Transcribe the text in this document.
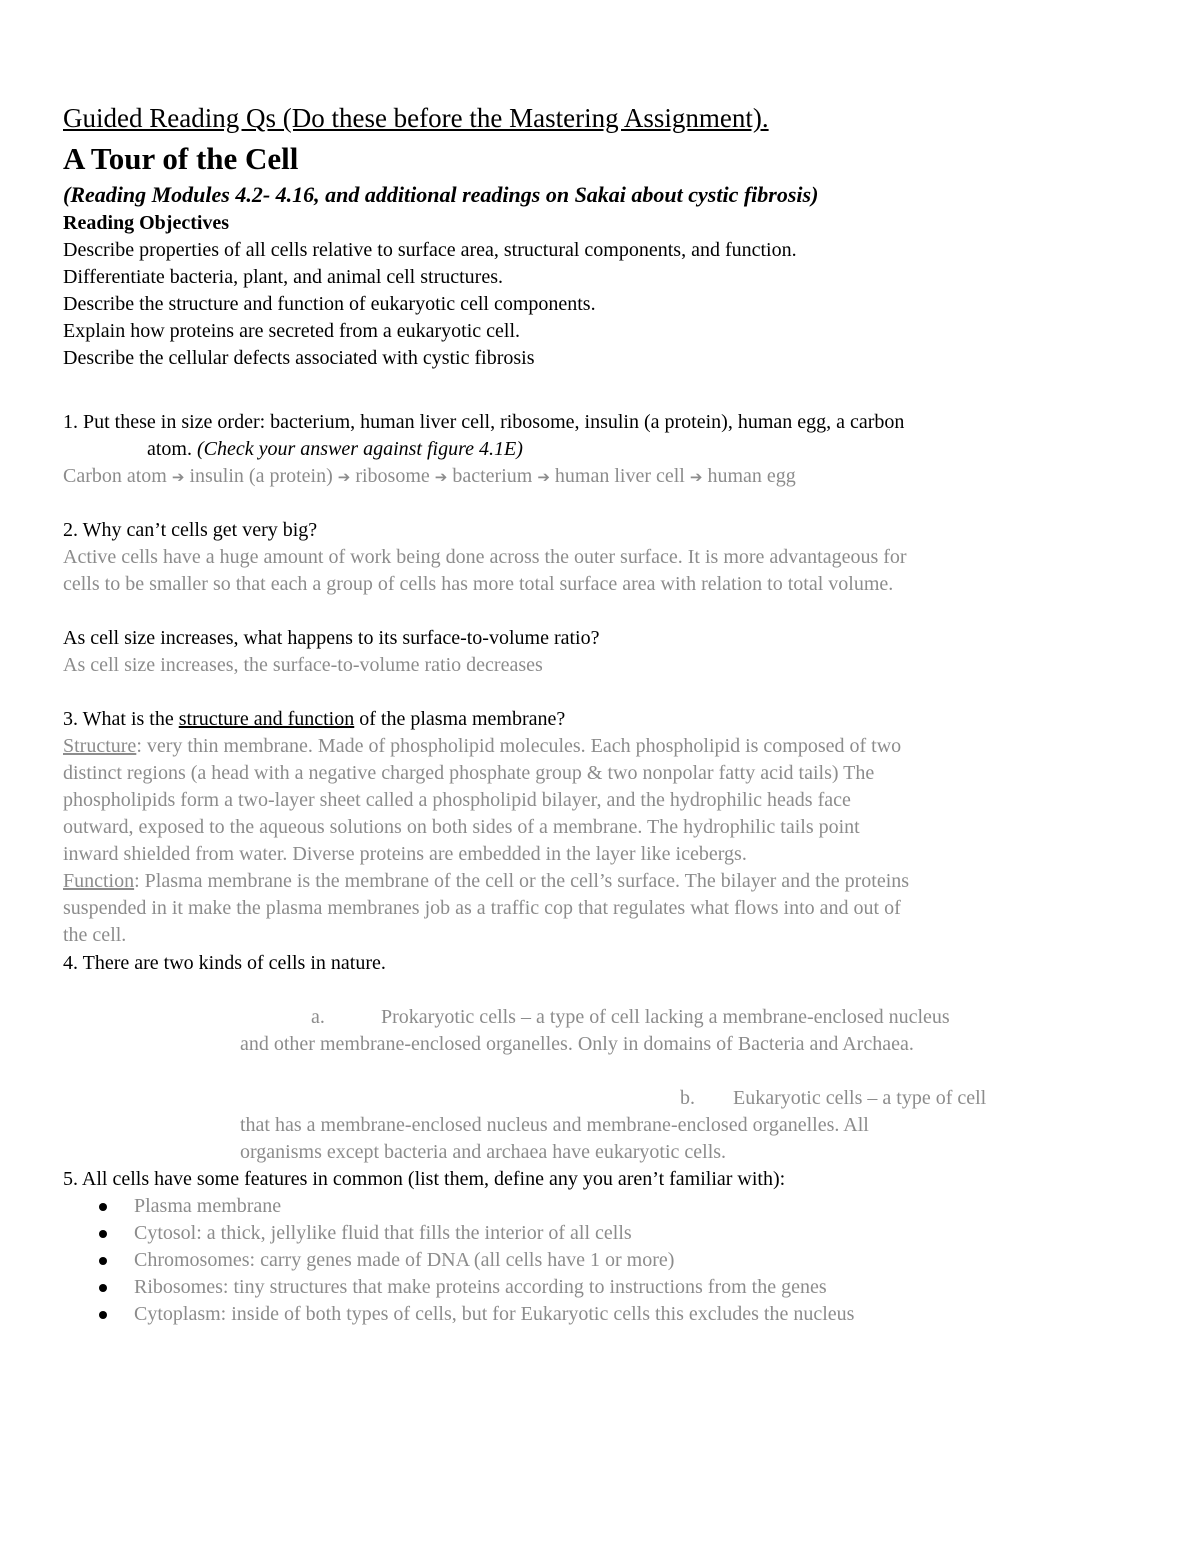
Guided Reading Qs (Do these before the Mastering Assignment).
A Tour of the Cell
(Reading Modules 4.2- 4.16, and additional readings on Sakai about cystic fibrosis)
Reading Objectives
Describe properties of all cells relative to surface area, structural components, and function.
Differentiate bacteria, plant, and animal cell structures.
Describe the structure and function of eukaryotic cell components.
Explain how proteins are secreted from a eukaryotic cell.
Describe the cellular defects associated with cystic fibrosis
1. Put these in size order: bacterium, human liver cell, ribosome, insulin (a protein), human egg, a carbon
atom. (Check your answer against figure 4.1E)
Carbon atom ➔ insulin (a protein) ➔ ribosome ➔ bacterium ➔ human liver cell ➔ human egg
2. Why can’t cells get very big?
Active cells have a huge amount of work being done across the outer surface. It is more advantageous for
cells to be smaller so that each a group of cells has more total surface area with relation to total volume.
As cell size increases, what happens to its surface-to-volume ratio?
As cell size increases, the surface-to-volume ratio decreases
3. What is the structure and function of the plasma membrane?
Structure: very thin membrane. Made of phospholipid molecules. Each phospholipid is composed of two
distinct regions (a head with a negative charged phosphate group & two nonpolar fatty acid tails) The
phospholipids form a two-layer sheet called a phospholipid bilayer, and the hydrophilic heads face
outward, exposed to the aqueous solutions on both sides of a membrane. The hydrophilic tails point
inward shielded from water. Diverse proteins are embedded in the layer like icebergs.
Function: Plasma membrane is the membrane of the cell or the cell’s surface. The bilayer and the proteins
suspended in it make the plasma membranes job as a traffic cop that regulates what flows into and out of
the cell.
4. There are two kinds of cells in nature.
a.	Prokaryotic cells – a type of cell lacking a membrane-enclosed nucleus
and other membrane-enclosed organelles. Only in domains of Bacteria and Archaea.
b. Eukaryotic cells – a type of cell
that has a membrane-enclosed nucleus and membrane-enclosed organelles. All
organisms except bacteria and archaea have eukaryotic cells.
5. All cells have some features in common (list them, define any you aren’t familiar with):
Plasma membrane
Cytosol: a thick, jellylike fluid that fills the interior of all cells
Chromosomes: carry genes made of DNA (all cells have 1 or more)
Ribosomes: tiny structures that make proteins according to instructions from the genes
Cytoplasm: inside of both types of cells, but for Eukaryotic cells this excludes the nucleus
